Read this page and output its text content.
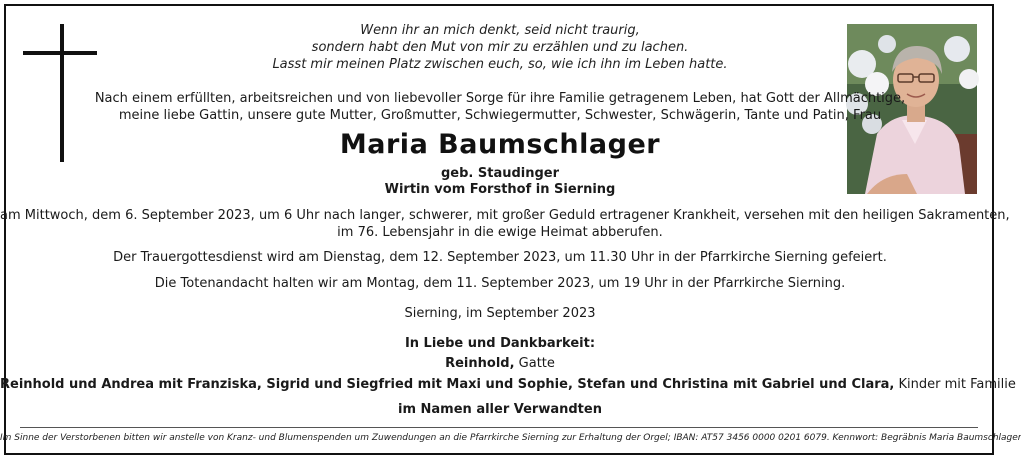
Wenn ihr an mich denkt, seid nicht traurig,
sondern habt den Mut von mir zu erzählen und zu lachen.
Lasst mir meinen Platz zwischen euch, so, wie ich ihn im Leben hatte.
Nach einem erfüllten, arbeitsreichen und von liebevoller Sorge für ihre Familie getragenem Leben, hat Gott der Allmächtige,
meine liebe Gattin, unsere gute Mutter, Großmutter, Schwiegermutter, Schwester, Schwägerin, Tante und Patin, Frau
Maria Baumschlager
geb. Staudinger
Wirtin vom Forsthof in Sierning
am Mittwoch, dem 6. September 2023, um 6 Uhr nach langer, schwerer, mit großer Geduld ertragener Krankheit, versehen mit den heiligen Sakramenten,
im 76. Lebensjahr in die ewige Heimat abberufen.
Der Trauergottesdienst wird am Dienstag, dem 12. September 2023, um 11.30 Uhr in der Pfarrkirche Sierning gefeiert.
Die Totenandacht halten wir am Montag, dem 11. September 2023, um 19 Uhr in der Pfarrkirche Sierning.
Sierning, im September 2023
In Liebe und Dankbarkeit:
Reinhold, Gatte
Reinhold und Andrea mit Franziska, Sigrid und Siegfried mit Maxi und Sophie, Stefan und Christina mit Gabriel und Clara, Kinder mit Familie
im Namen aller Verwandten
Im Sinne der Verstorbenen bitten wir anstelle von Kranz- und Blumenspenden um Zuwendungen an die Pfarrkirche Sierning zur Erhaltung der Orgel; IBAN: AT57 3456 0000 0201 6079. Kennwort: Begräbnis Maria Baumschlager
